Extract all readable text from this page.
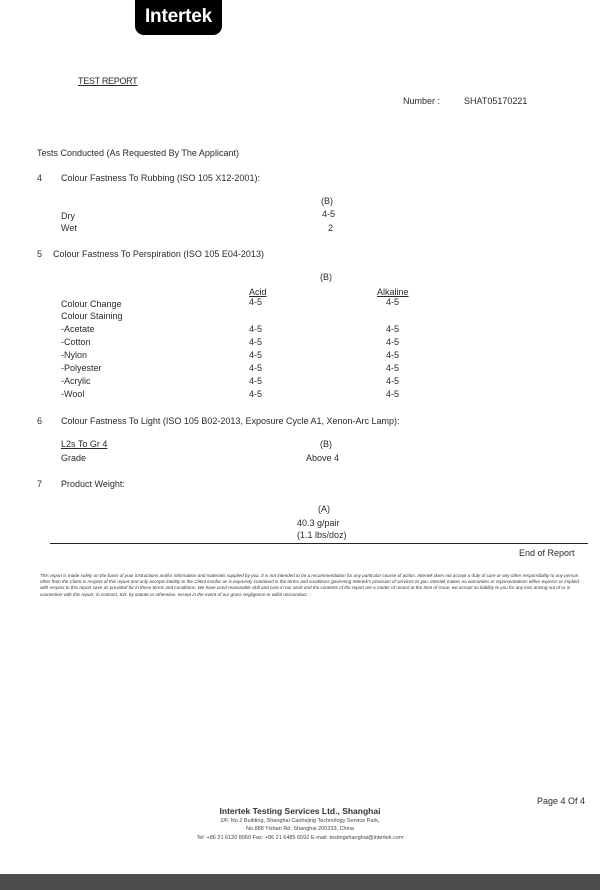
Intertek
TEST REPORT
Number :	SHAT05170221
Tests Conducted (As Requested By The Applicant)
4 Colour Fastness To Rubbing (ISO 105 X12-2001):
(B)
Dry	4-5
Wet	2
5 Colour Fastness To Perspiration (ISO 105 E04-2013)
(B)
Acid	Alkaline
Colour Change	4-5	4-5
Colour Staining
-Acetate	4-5	4-5
-Cotton	4-5	4-5
-Nylon	4-5	4-5
-Polyester	4-5	4-5
-Acrylic	4-5	4-5
-Wool	4-5	4-5
6 Colour Fastness To Light (ISO 105 B02-2013, Exposure Cycle A1, Xenon-Arc Lamp):
L2s To Gr 4	(B)
Grade	Above 4
7 Product Weight:
(A)
40.3 g/pair
(1.1 lbs/doz)
End of Report
This report is made solely on the basis of your instructions and/or information and materials supplied by you. It is not intended to be a recommendation for any particular course of action. Intertek does not accept a duty of care or any other responsibility to any person other than the Client in respect of this report and only accepts liability to the Client insofar as is expressly contained in the terms and conditions governing Intertek's provision of services to you. Intertek makes no warranties or representations either express or implied with respect to this report save as provided for in those terms and conditions. We have used reasonable skill and care in our work and the contents of the report are a matter of record at the time of issue; we accept no liability to you for any loss arising out of or in connection with this report, in contract, tort, by statute or otherwise, except in the event of our gross negligence or wilful misconduct.
Page 4 Of 4
Intertek Testing Services Ltd., Shanghai
2/F, No.2 Building, Shanghai Caohejing Technology Service Park,
No.888 Yishan Rd, Shanghai 200233, China
Tel: +86 21 6120 8060 Fax: +86 21 6485 6592 E-mail: testingshanghai@intertek.com
